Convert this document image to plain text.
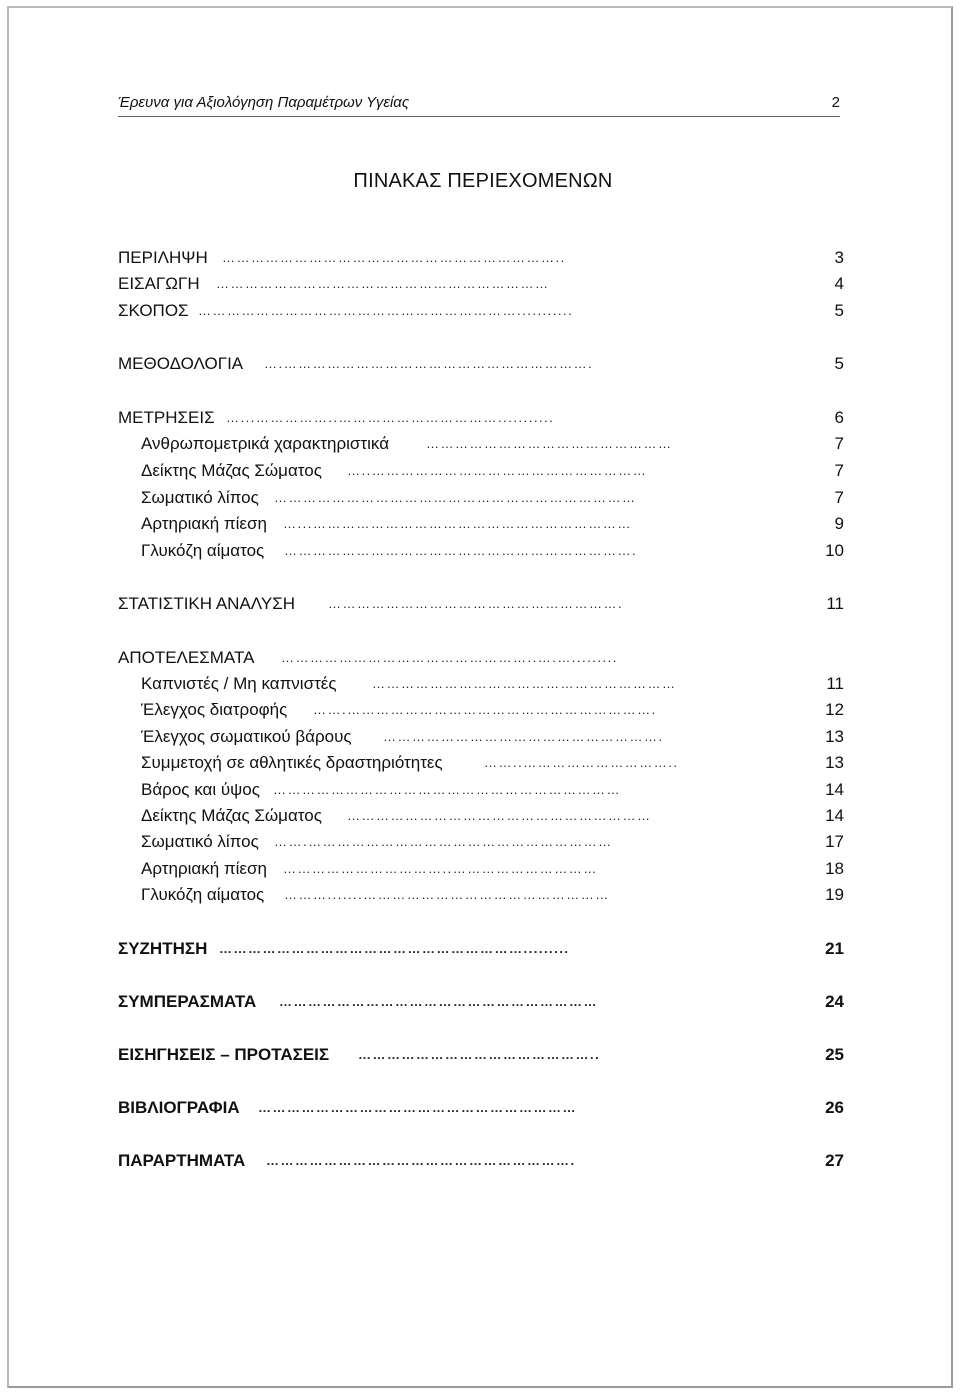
Έρευνα για Αξιολόγηση Παραμέτρων Υγείας	2
ΠΙΝΑΚΑΣ ΠΕΡΙΕΧΟΜΕΝΩΝ
ΠΕΡΙΛΗΨΗ ……………………………………………………………..	3
ΕΙΣΑΓΩΓΗ ……………………………………………………………	4
ΣΚΟΠΟΣ …………………………………………………………...........	5
ΜΕΘΟΔΟΛΟΓΙΑ ….……………………………………………………….	5
ΜΕΤΡΗΣΕΙΣ …...……………..……………………………...........	6
Ανθρωπομετρικά χαρακτηριστικά	……………………………………………	7
Δείκτης Μάζας Σώματος …..…………………………………………………	7
Σωματικό λίπος …………………………………………………………………	7
Αρτηριακή πίεση …...…………………………………………………………	9
Γλυκόζη αίματος ……………………………………………………………….	10
ΣΤΑΤΙΣΤΙΚΗ ΑΝΑΛΥΣΗ	…………………………………………………….	11
ΑΠΟΤΕΛΕΣΜΑΤΑ ……………………………………………..….….........
Καπνιστές / Μη καπνιστές	………………………………………………………	11
Έλεγχος διατροφής …….……………………………………………………….	12
Έλεγχος σωματικού βάρους ………………………………………………….	13
Συμμετοχή σε αθλητικές δραστηριότητες	……..…………………………..	13
Βάρος και ύψος ………………………………………………………………	14
Δείκτης Μάζας Σώματος ………………………………………………………	14
Σωματικό λίπος …….………………………………………………………	17
Αρτηριακή πίεση ……………………………..…………………………	18
Γλυκόζη αίματος ……….......……………………………………………	19
ΣΥΖΗΤΗΣΗ ……………………………………………………….........	21
ΣΥΜΠΕΡΑΣΜΑΤΑ …………………………………………………………	24
ΕΙΣΗΓΗΣΕΙΣ – ΠΡΟΤΑΣΕΙΣ …………………………………………..	25
ΒΙΒΛΙΟΓΡΑΦΙΑ …………………………………………………………	26
ΠΑΡΑΡΤΗΜΑΤΑ ……………………………………………………….	27
